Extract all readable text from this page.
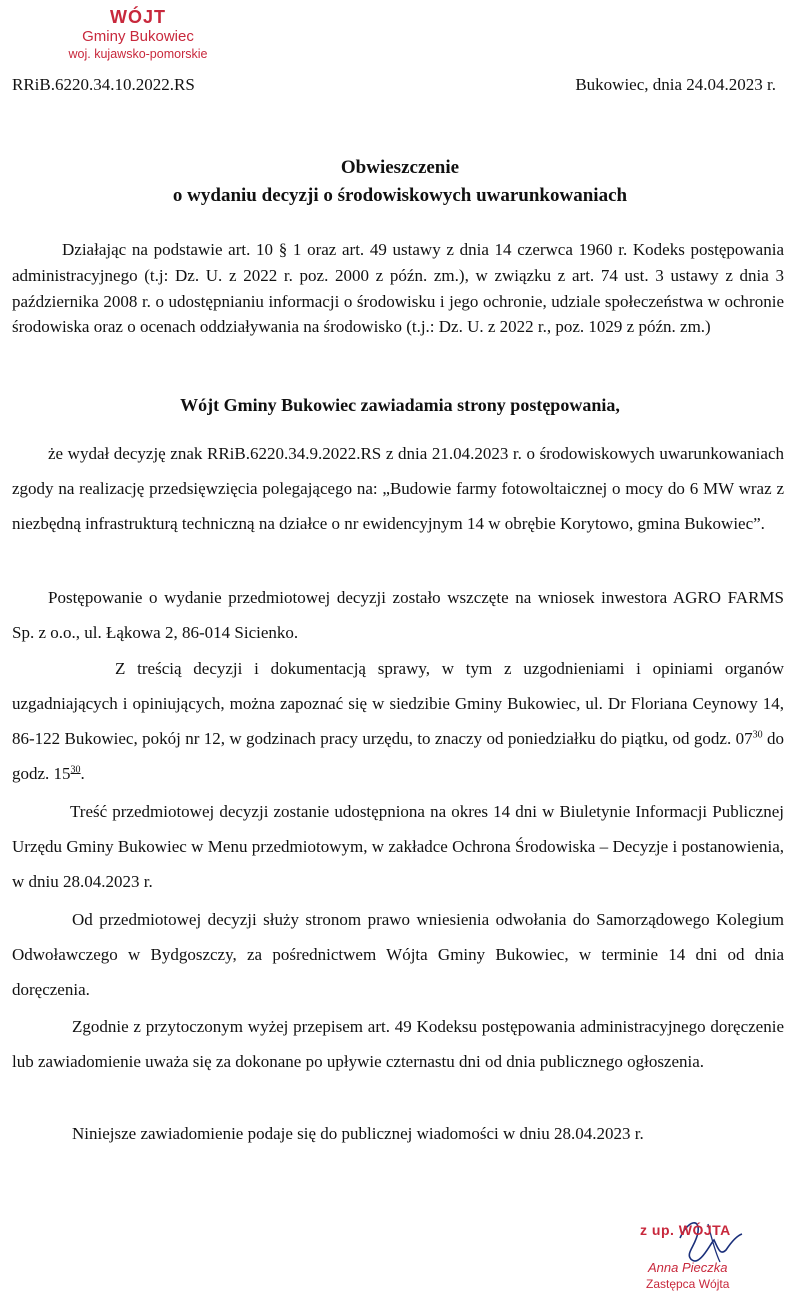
WÓJT
Gminy Bukowiec
woj. kujawsko-pomorskie
RRiB.6220.34.10.2022.RS	Bukowiec, dnia 24.04.2023 r.
Obwieszczenie
o wydaniu decyzji o środowiskowych uwarunkowaniach
Działając na podstawie art. 10 § 1 oraz art. 49 ustawy z dnia 14 czerwca 1960 r. Kodeks postępowania administracyjnego (t.j: Dz. U. z 2022 r. poz. 2000 z późn. zm.), w związku z art. 74 ust. 3 ustawy z dnia 3 października 2008 r. o udostępnianiu informacji o środowisku i jego ochronie, udziale społeczeństwa w ochronie środowiska oraz o ocenach oddziaływania na środowisko (t.j.: Dz. U. z 2022 r., poz. 1029 z późn. zm.)
Wójt Gminy Bukowiec zawiadamia strony postępowania,
że wydał decyzję znak RRiB.6220.34.9.2022.RS z dnia 21.04.2023 r. o środowiskowych uwarunkowaniach zgody na realizację przedsięwzięcia polegającego na: „Budowie farmy fotowoltaicznej o mocy do 6 MW wraz z niezbędną infrastrukturą techniczną na działce o nr ewidencyjnym 14 w obrębie Korytowo, gmina Bukowiec”.
Postępowanie o wydanie przedmiotowej decyzji zostało wszczęte na wniosek inwestora AGRO FARMS Sp. z o.o., ul. Łąkowa 2, 86-014 Sicienko.
Z treścią decyzji i dokumentacją sprawy, w tym z uzgodnieniami i opiniami organów uzgadniających i opiniujących, można zapoznać się w siedzibie Gminy Bukowiec, ul. Dr Floriana Ceynowy 14, 86-122 Bukowiec, pokój nr 12, w godzinach pracy urzędu, to znaczy od poniedziałku do piątku, od godz. $07^{30}$ do godz. $15^{30}$.
Treść przedmiotowej decyzji zostanie udostępniona na okres 14 dni w Biuletynie Informacji Publicznej Urzędu Gminy Bukowiec w Menu przedmiotowym, w zakładce Ochrona Środowiska – Decyzje i postanowienia, w dniu 28.04.2023 r.
Od przedmiotowej decyzji służy stronom prawo wniesienia odwołania do Samorządowego Kolegium Odwoławczego w Bydgoszczy, za pośrednictwem Wójta Gminy Bukowiec, w terminie 14 dni od dnia doręczenia.
Zgodnie z przytoczonym wyżej przepisem art. 49 Kodeksu postępowania administracyjnego doręczenie lub zawiadomienie uważa się za dokonane po upływie czternastu dni od dnia publicznego ogłoszenia.
Niniejsze zawiadomienie podaje się do publicznej wiadomości w dniu 28.04.2023 r.
z up. WÓJTA
Anna Pieczka
Zastępca Wójta
